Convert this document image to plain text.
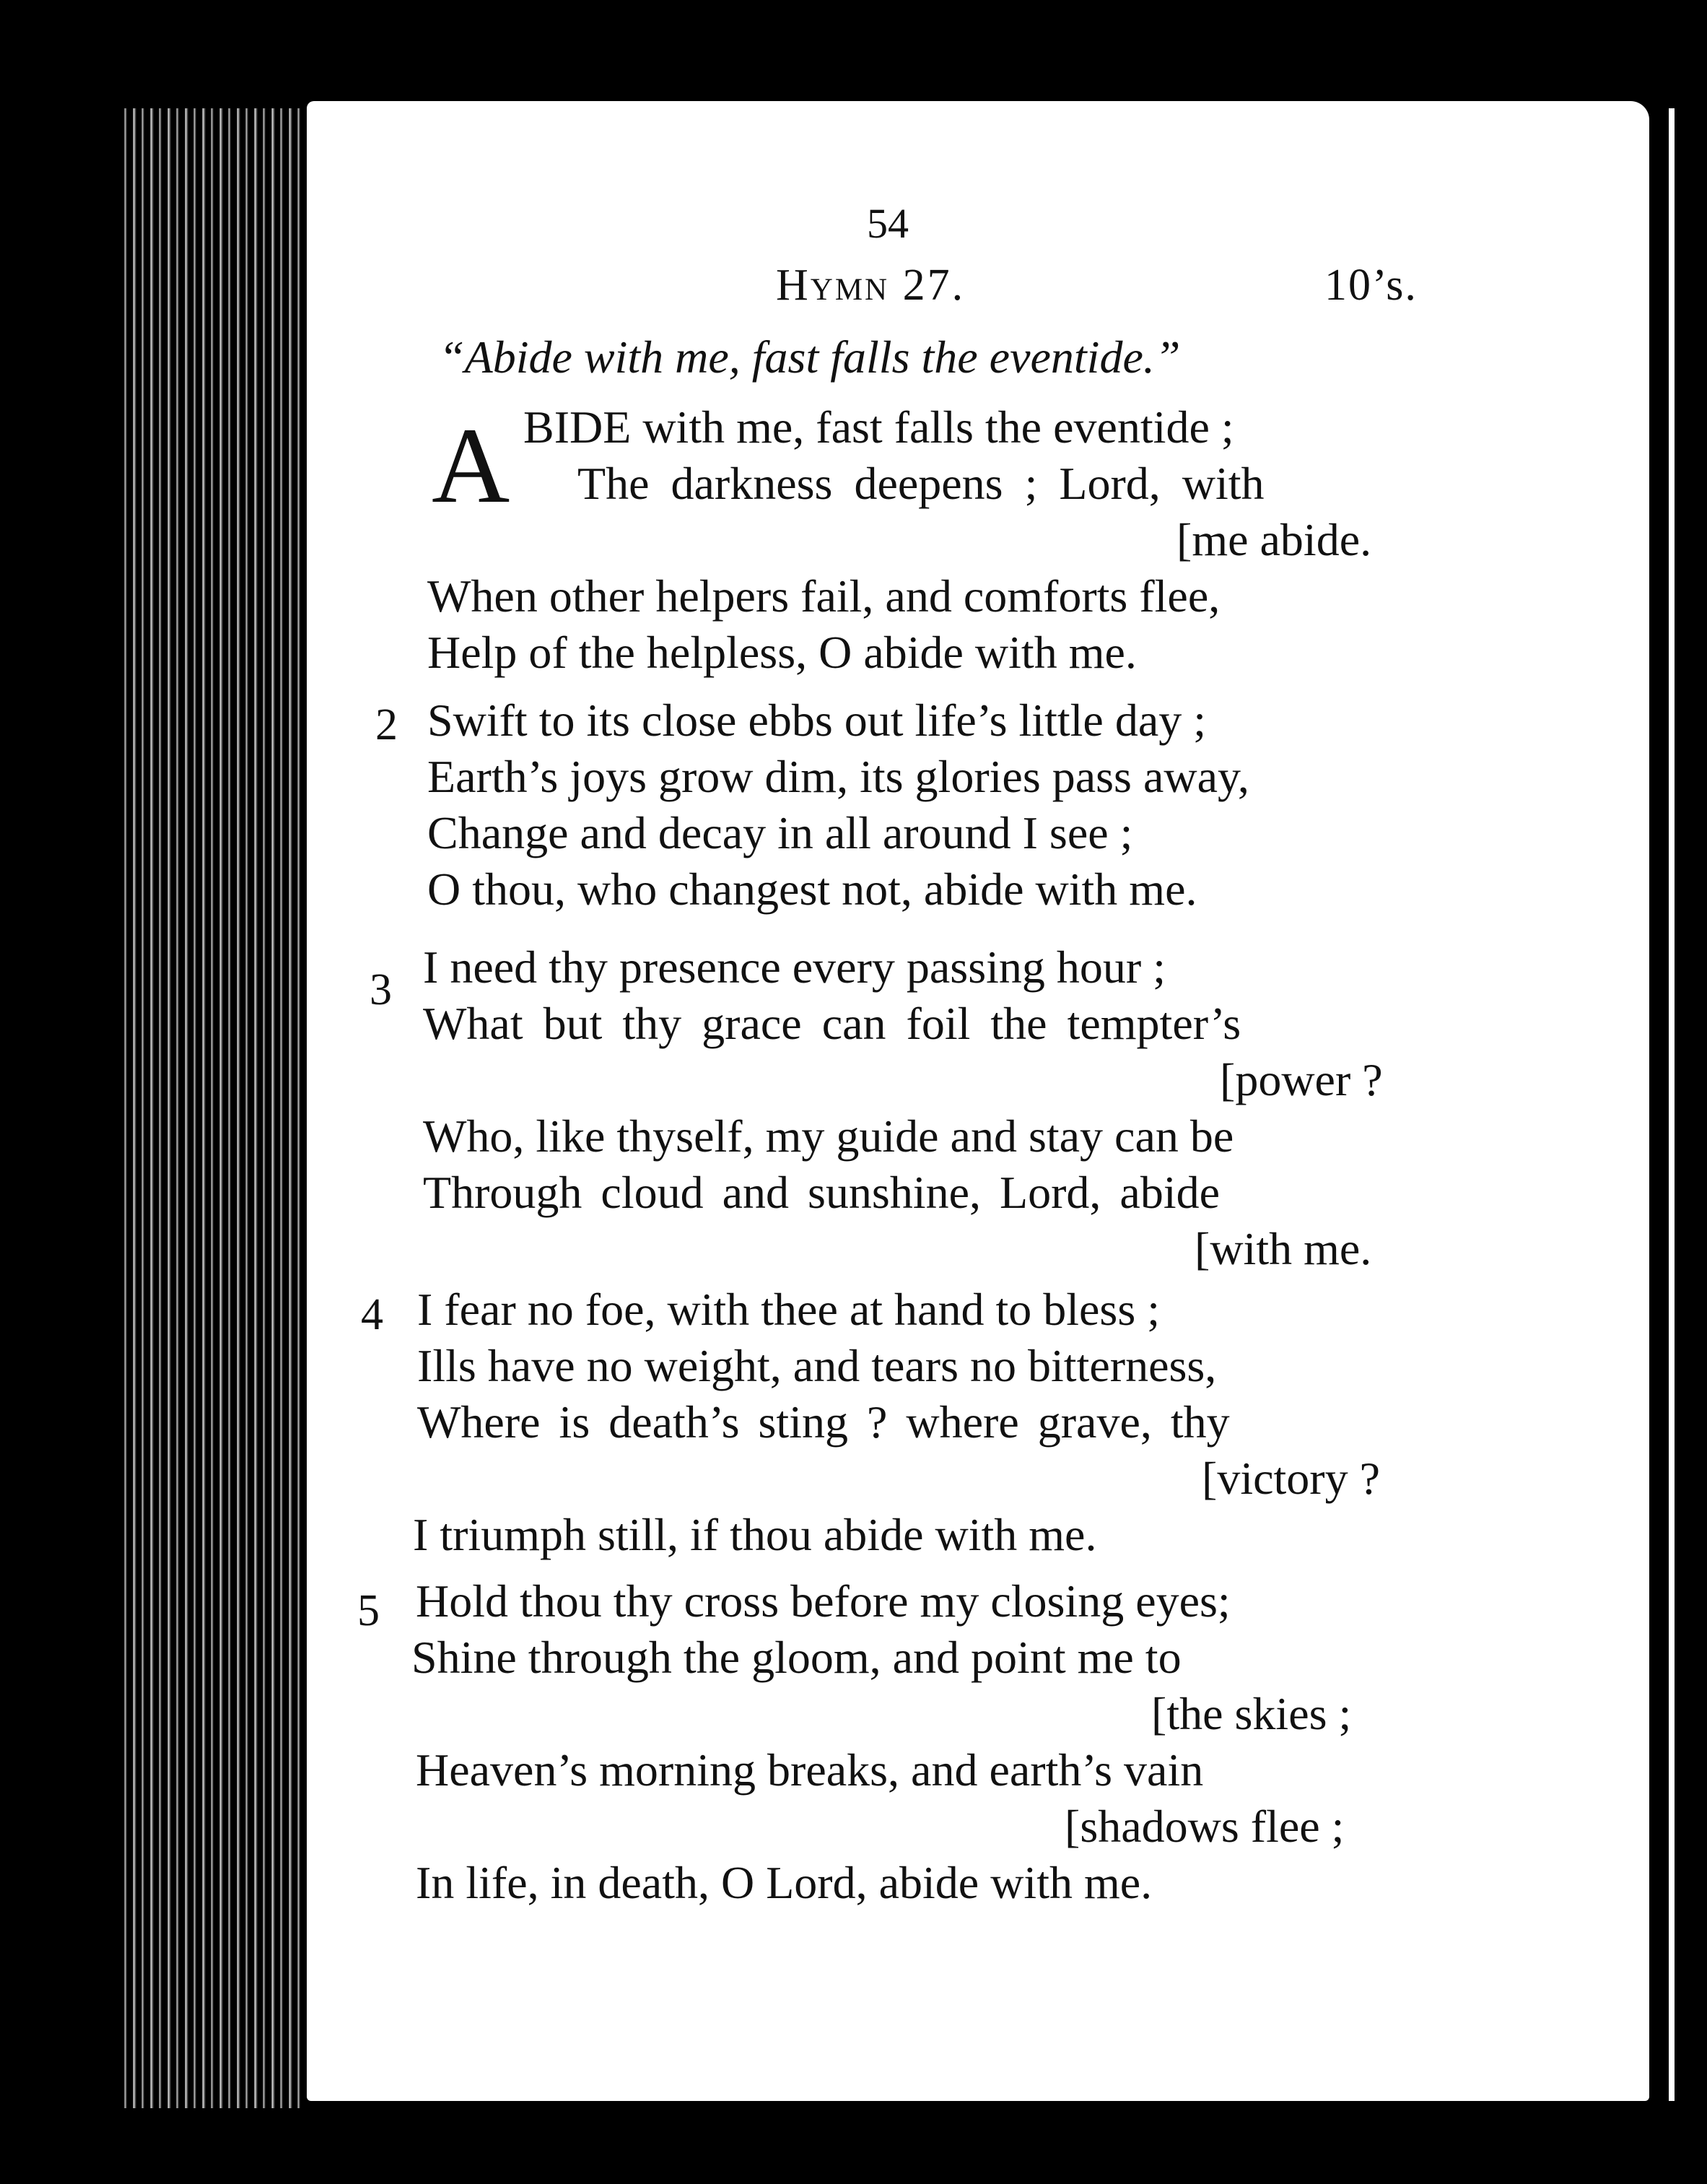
54
Hymn 27.	10’s.
“Abide with me, fast falls the eventide.”
A BIDE with me, fast falls the eventide ;
The darkness deepens ; Lord, with
[me abide.
When other helpers fail, and comforts flee,
Help of the helpless, O abide with me.
2 Swift to its close ebbs out life’s little day ;
Earth’s joys grow dim, its glories pass away,
Change and decay in all around I see ;
O thou, who changest not, abide with me.
3 I need thy presence every passing hour ;
What but thy grace can foil the tempter’s
[power ?
Who, like thyself, my guide and stay can be
Through cloud and sunshine, Lord, abide
[with me.
4 I fear no foe, with thee at hand to bless ;
Ills have no weight, and tears no bitterness,
Where is death’s sting ? where grave, thy
[victory ?
I triumph still, if thou abide with me.
5 Hold thou thy cross before my closing eyes;
Shine through the gloom, and point me to
[the skies ;
Heaven’s morning breaks, and earth’s vain
[shadows flee ;
In life, in death, O Lord, abide with me.
